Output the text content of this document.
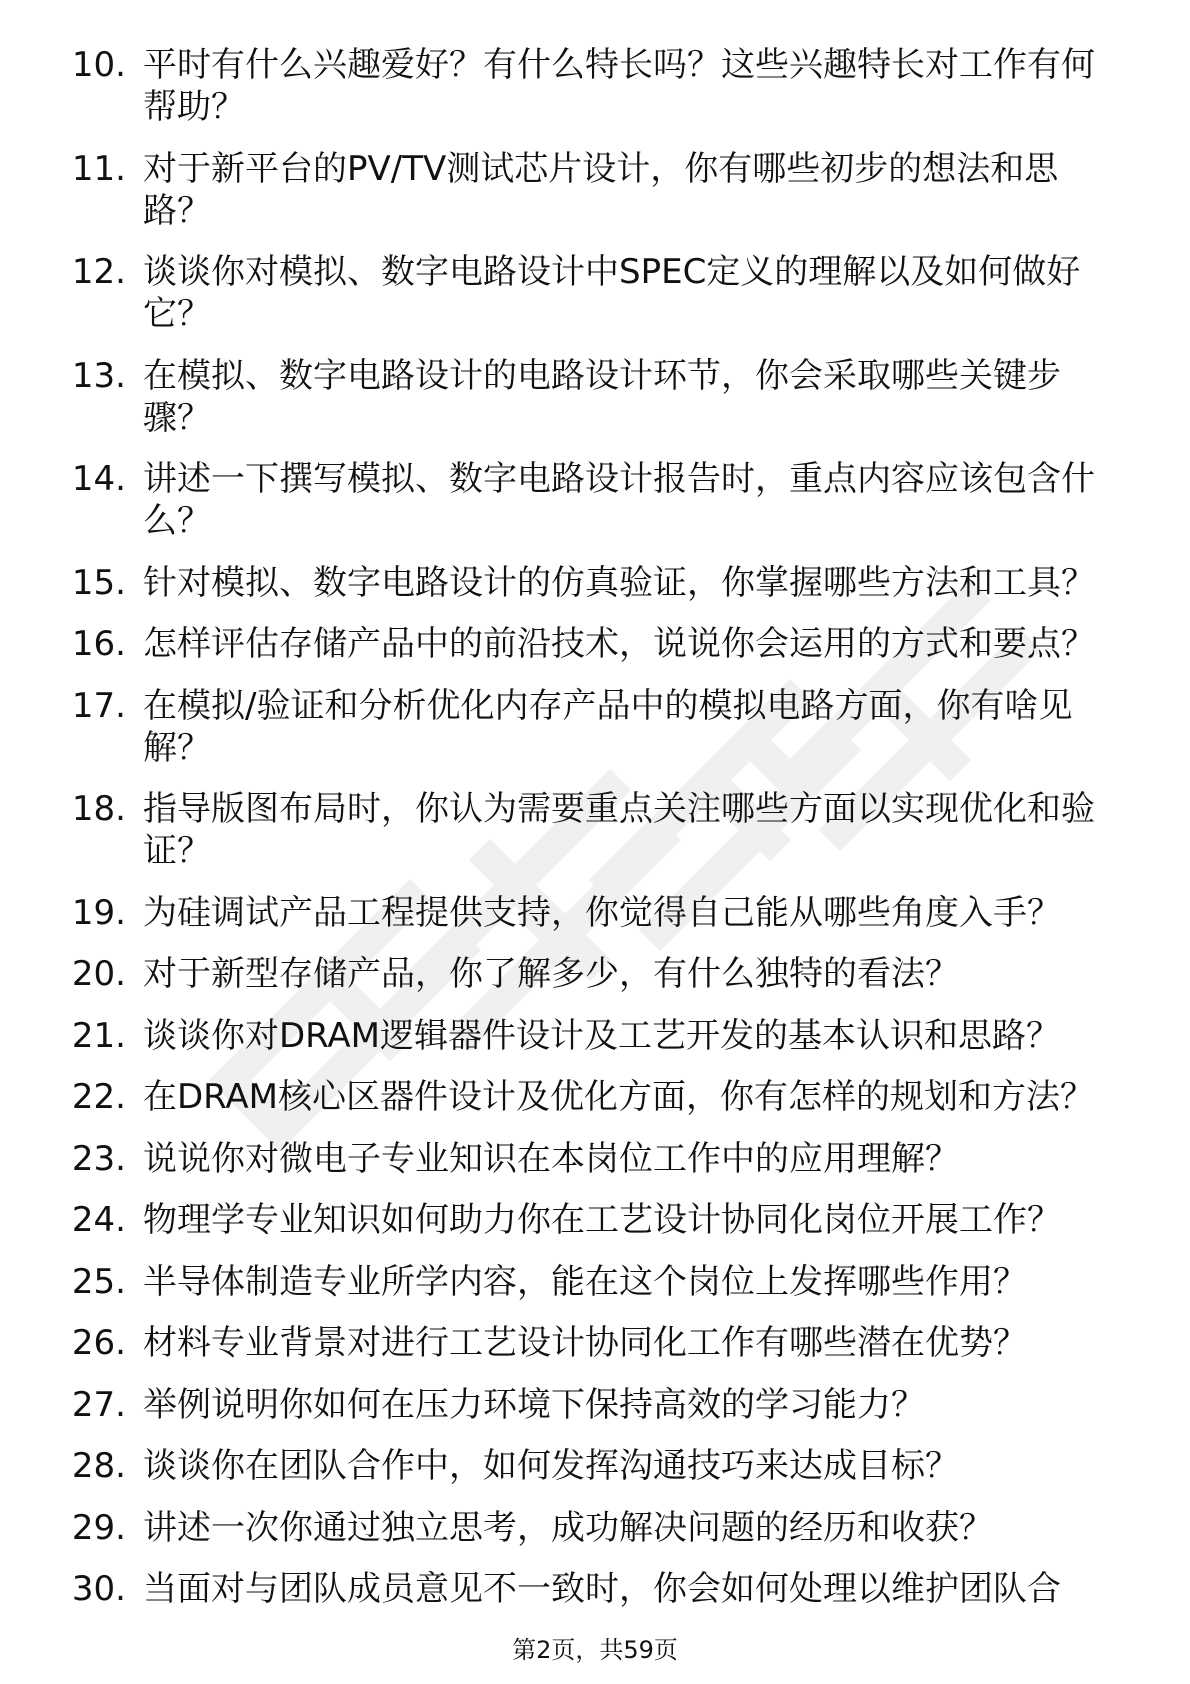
10. 平时有什么兴趣爱好？有什么特长吗？这些兴趣特长对工作有何帮助？
11. 对于新平台的PV/TV测试芯片设计，你有哪些初步的想法和思路？
12. 谈谈你对模拟、数字电路设计中SPEC定义的理解以及如何做好它？
13. 在模拟、数字电路设计的电路设计环节，你会采取哪些关键步骤？
14. 讲述一下撰写模拟、数字电路设计报告时，重点内容应该包含什么？
15. 针对模拟、数字电路设计的仿真验证，你掌握哪些方法和工具？
16. 怎样评估存储产品中的前沿技术，说说你会运用的方式和要点？
17. 在模拟/验证和分析优化内存产品中的模拟电路方面，你有啥见解？
18. 指导版图布局时，你认为需要重点关注哪些方面以实现优化和验证？
19. 为硅调试产品工程提供支持，你觉得自己能从哪些角度入手？
20. 对于新型存储产品，你了解多少，有什么独特的看法？
21. 谈谈你对DRAM逻辑器件设计及工艺开发的基本认识和思路？
22. 在DRAM核心区器件设计及优化方面，你有怎样的规划和方法？
23. 说说你对微电子专业知识在本岗位工作中的应用理解？
24. 物理学专业知识如何助力你在工艺设计协同化岗位开展工作？
25. 半导体制造专业所学内容，能在这个岗位上发挥哪些作用？
26. 材料专业背景对进行工艺设计协同化工作有哪些潜在优势？
27. 举例说明你如何在压力环境下保持高效的学习能力？
28. 谈谈你在团队合作中，如何发挥沟通技巧来达成目标？
29. 讲述一次你通过独立思考，成功解决问题的经历和收获？
30. 当面对与团队成员意见不一致时，你会如何处理以维护团队合
第2页，共59页
